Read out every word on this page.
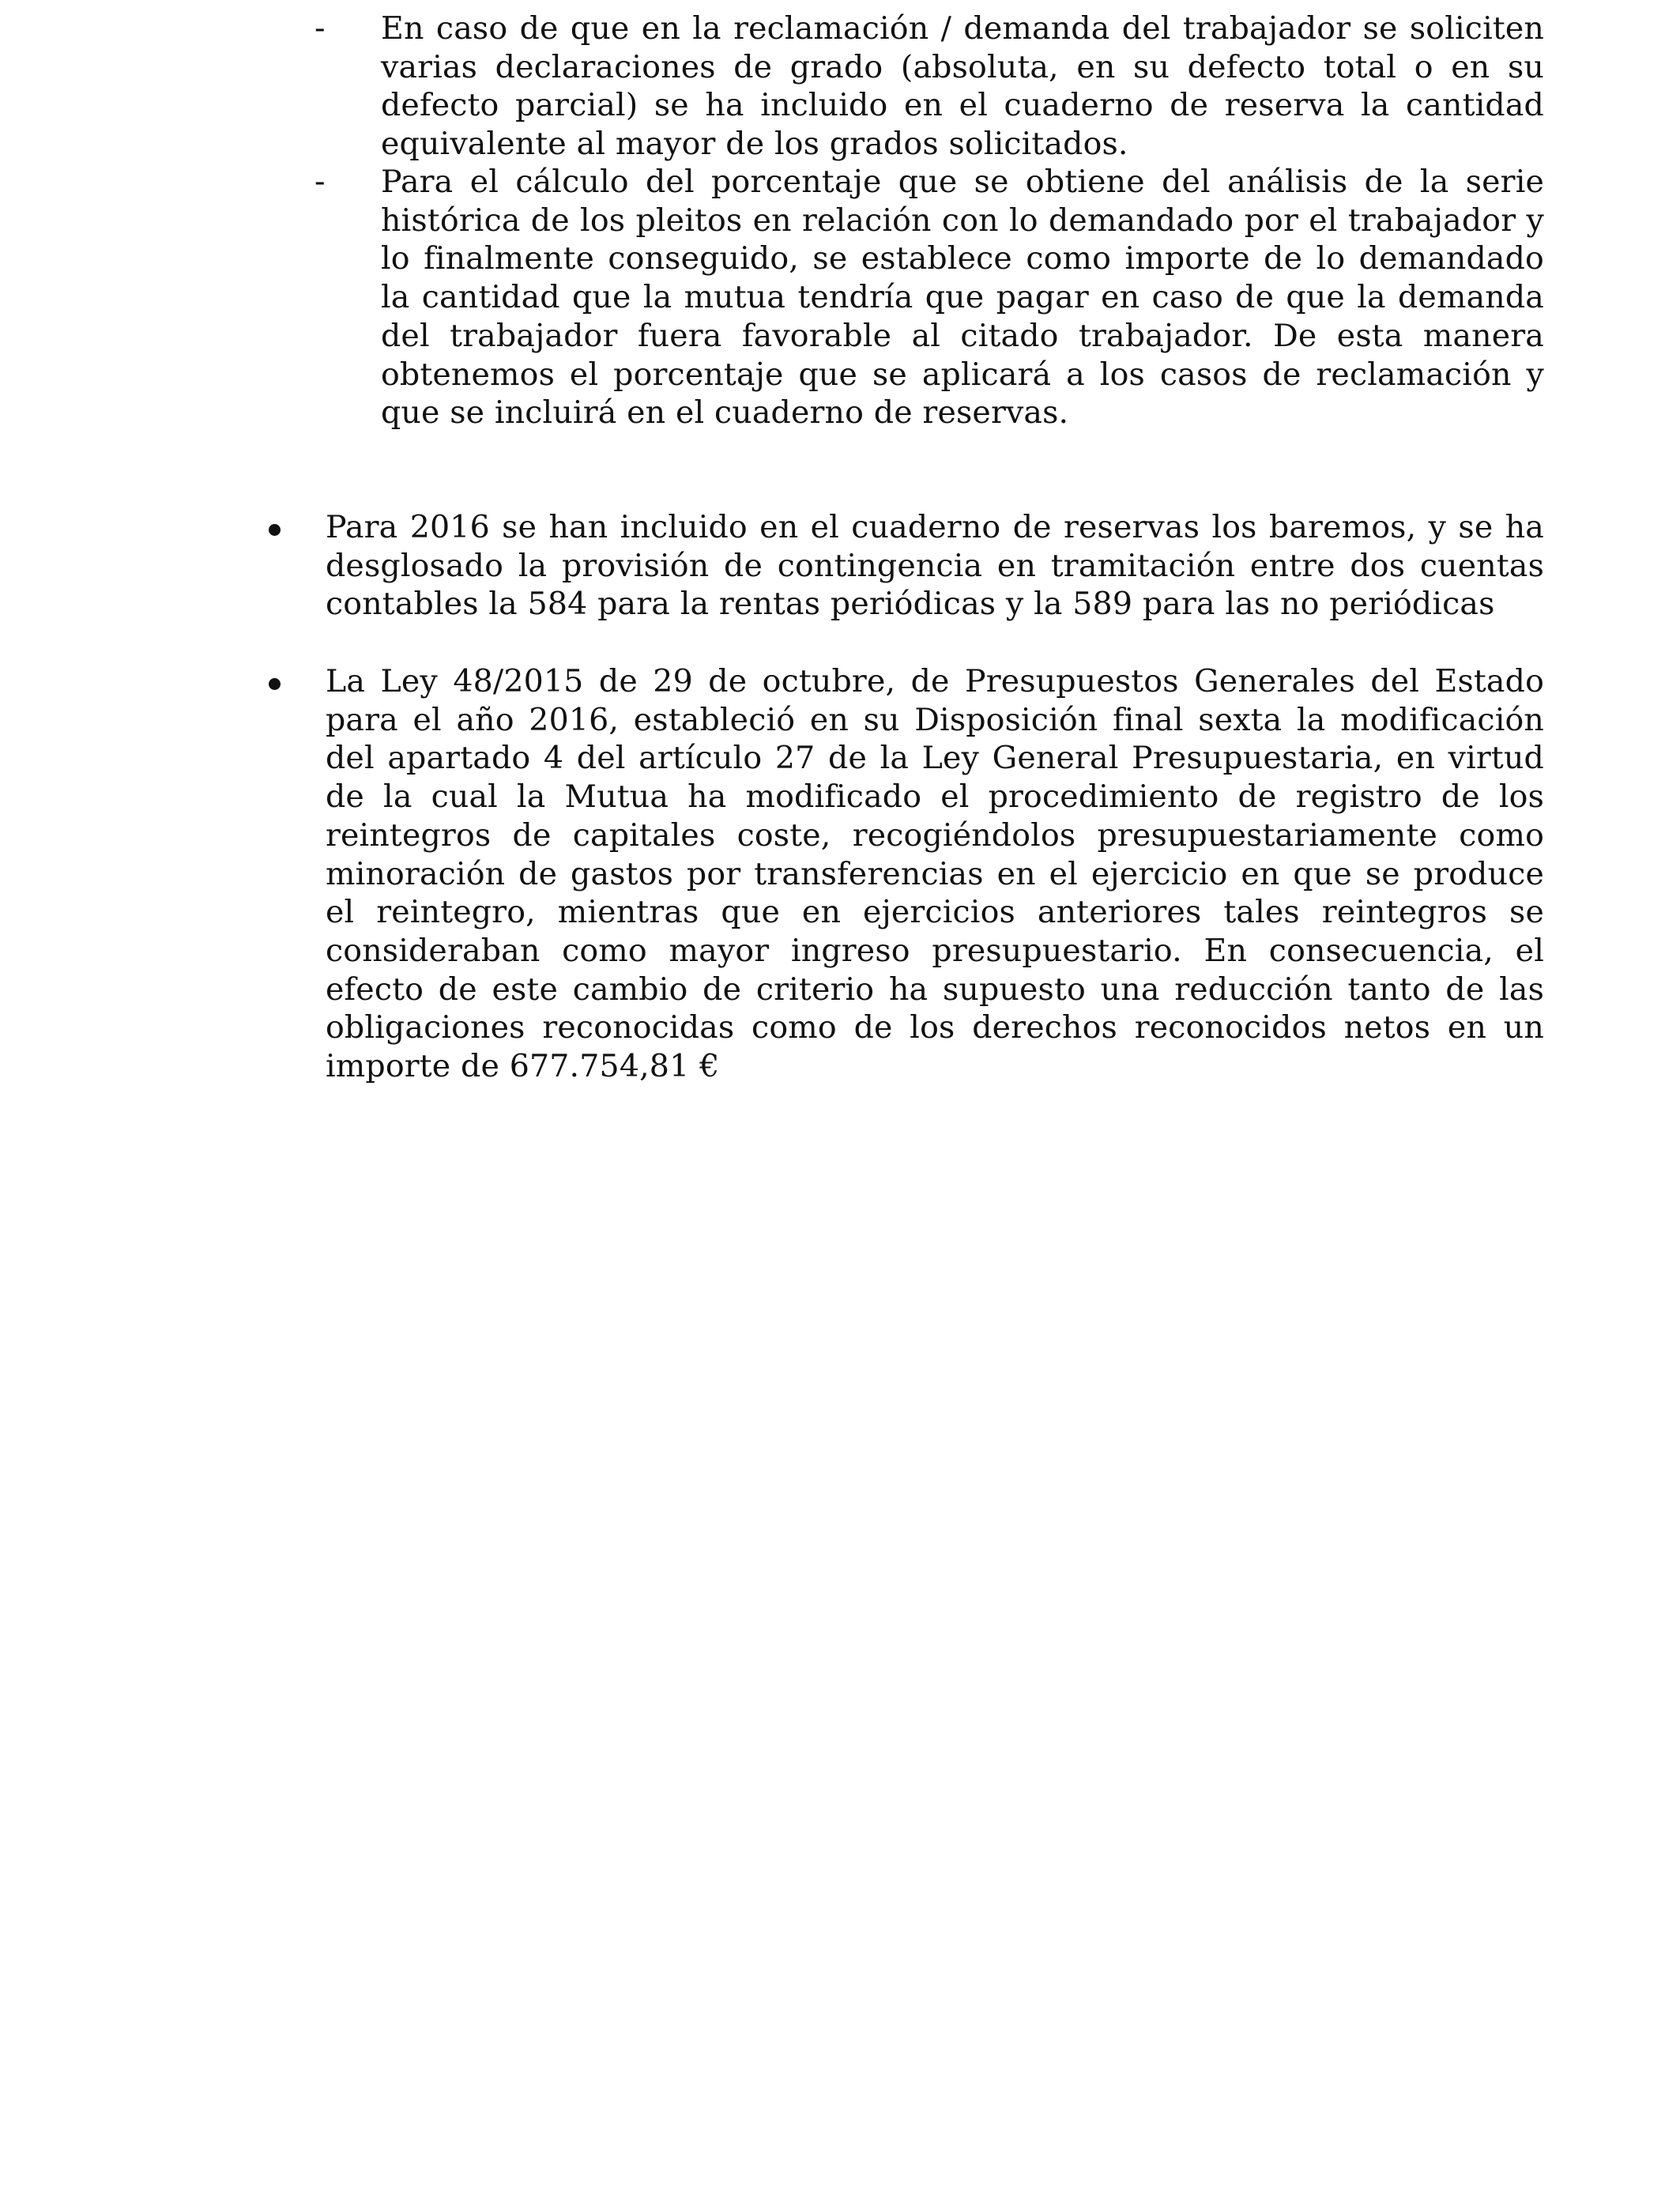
- En caso de que en la reclamación / demanda del trabajador se soliciten varias declaraciones de grado (absoluta, en su defecto total o en su defecto parcial) se ha incluido en el cuaderno de reserva la cantidad equivalente al mayor de los grados solicitados.
- Para el cálculo del porcentaje que se obtiene del análisis de la serie histórica de los pleitos en relación con lo demandado por el trabajador y lo finalmente conseguido, se establece como importe de lo demandado la cantidad que la mutua tendría que pagar en caso de que la demanda del trabajador fuera favorable al citado trabajador. De esta manera obtenemos el porcentaje que se aplicará a los casos de reclamación y que se incluirá en el cuaderno de reservas.
Para 2016 se han incluido en el cuaderno de reservas los baremos, y se ha desglosado la provisión de contingencia en tramitación entre dos cuentas contables la 584 para la rentas periódicas y la 589 para las no periódicas
La Ley 48/2015 de 29 de octubre, de Presupuestos Generales del Estado para el año 2016, estableció en su Disposición final sexta la modificación del apartado 4 del artículo 27 de la Ley General Presupuestaria, en virtud de la cual la Mutua ha modificado el procedimiento de registro de los reintegros de capitales coste, recogiéndolos presupuestariamente como minoración de gastos por transferencias en el ejercicio en que se produce el reintegro, mientras que en ejercicios anteriores tales reintegros se consideraban como mayor ingreso presupuestario. En consecuencia, el efecto de este cambio de criterio ha supuesto una reducción tanto de las obligaciones reconocidas como de los derechos reconocidos netos en un importe de 677.754,81 €
